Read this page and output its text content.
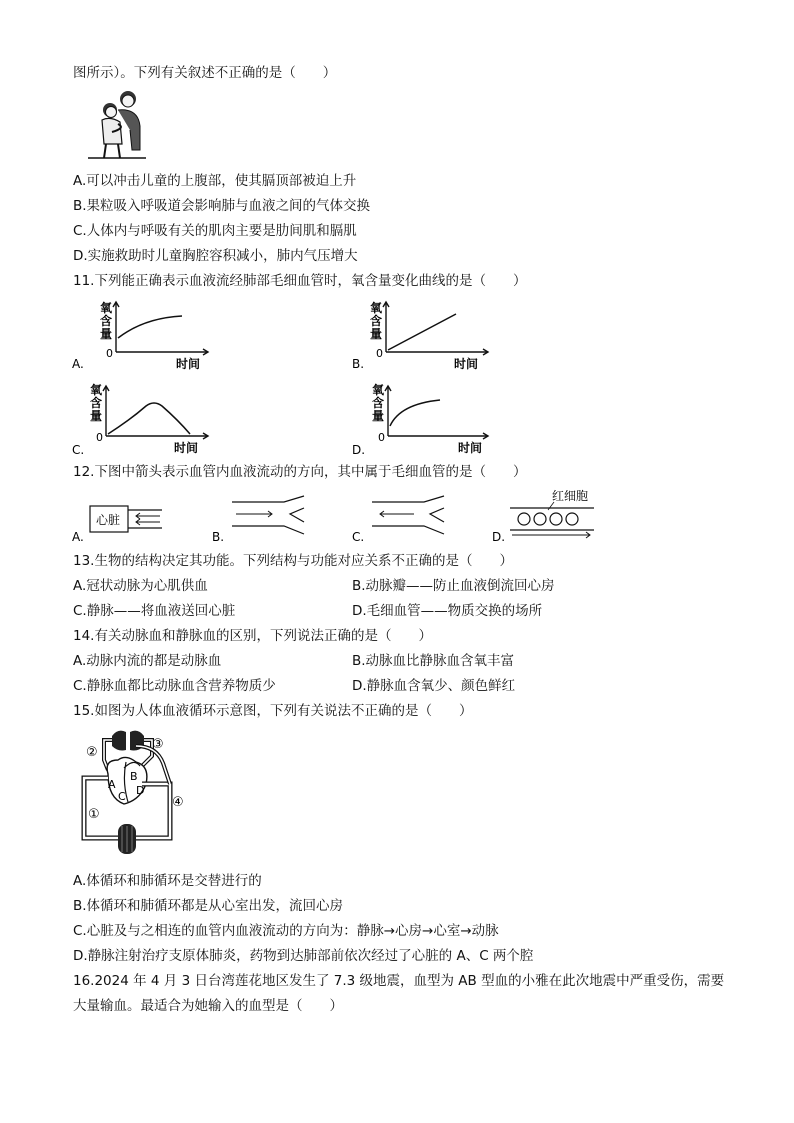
图所示）。下列有关叙述不正确的是（　　）
A.可以冲击儿童的上腹部，使其膈顶部被迫上升
B.果粒吸入呼吸道会影响肺与血液之间的气体交换
C.人体内与呼吸有关的肌肉主要是肋间肌和膈肌
D.实施救助时儿童胸腔容积减小，肺内气压增大
11.下列能正确表示血液流经肺部毛细血管时，氧含量变化曲线的是（　　）
A.
氧
含
量
0
时间	B.
氧
含
量
0
时间
C.
氧
含
量
0
时间	D.
氧
含
量
0
时间
12.下图中箭头表示血管内血液流动的方向，其中属于毛细血管的是（　　）
A.
心脏
B.	C.	D.
红细胞
13.生物的结构决定其功能。下列结构与功能对应关系不正确的是（　　）
A.冠状动脉为心肌供血	B.动脉瓣——防止血液倒流回心房
C.静脉——将血液送回心脏	D.毛细血管——物质交换的场所
14.有关动脉血和静脉血的区别，下列说法正确的是（　　）
A.动脉内流的都是动脉血	B.动脉血比静脉血含氧丰富
C.静脉血都比动脉血含营养物质少	D.静脉血含氧少、颜色鲜红
15.如图为人体血液循环示意图，下列有关说法不正确的是（　　）
②
③
①
④
A
B
C D
A.体循环和肺循环是交替进行的
B.体循环和肺循环都是从心室出发，流回心房
C.心脏及与之相连的血管内血液流动的方向为：静脉→心房→心室→动脉
D.静脉注射治疗支原体肺炎，药物到达肺部前依次经过了心脏的 A、C 两个腔
16.2024 年 4 月 3 日台湾莲花地区发生了 7.3 级地震，血型为 AB 型血的小雅在此次地震中严重受伤，需要
大量输血。最适合为她输入的血型是（　　）
